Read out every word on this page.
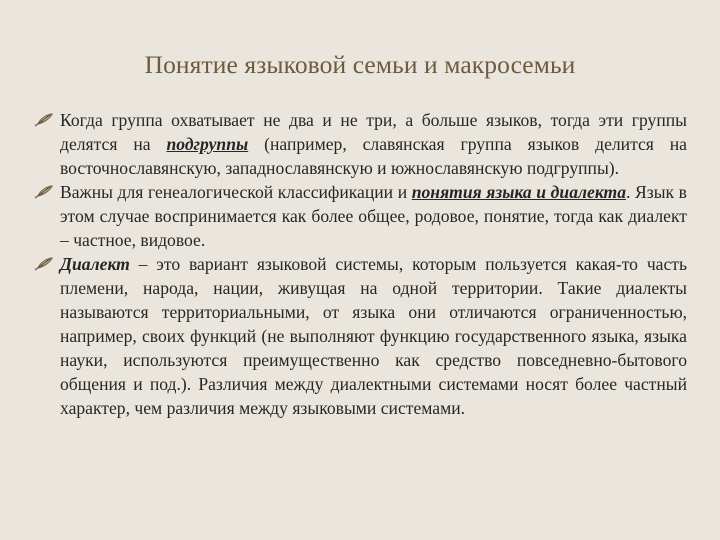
Понятие языковой семьи и макросемьи

Когда группа охватывает не два и не три, а больше языков, тогда эти группы делятся на подгруппы (например, славянская группа языков делится на восточнославянскую, западнославянскую и южнославянскую подгруппы).

Важны для генеалогической классификации и понятия языка и диалекта. Язык в этом случае воспринимается как более общее, родовое, понятие, тогда как диалект – частное, видовое.

Диалект – это вариант языковой системы, которым пользуется какая-то часть племени, народа, нации, живущая на одной территории. Такие диалекты называются территориальными, от языка они отличаются ограниченностью, например, своих функций (не выполняют функцию государственного языка, языка науки, используются преимущественно как средство повседневно-бытового общения и под.). Различия между диалектными системами носят более частный характер, чем различия между языковыми системами.
